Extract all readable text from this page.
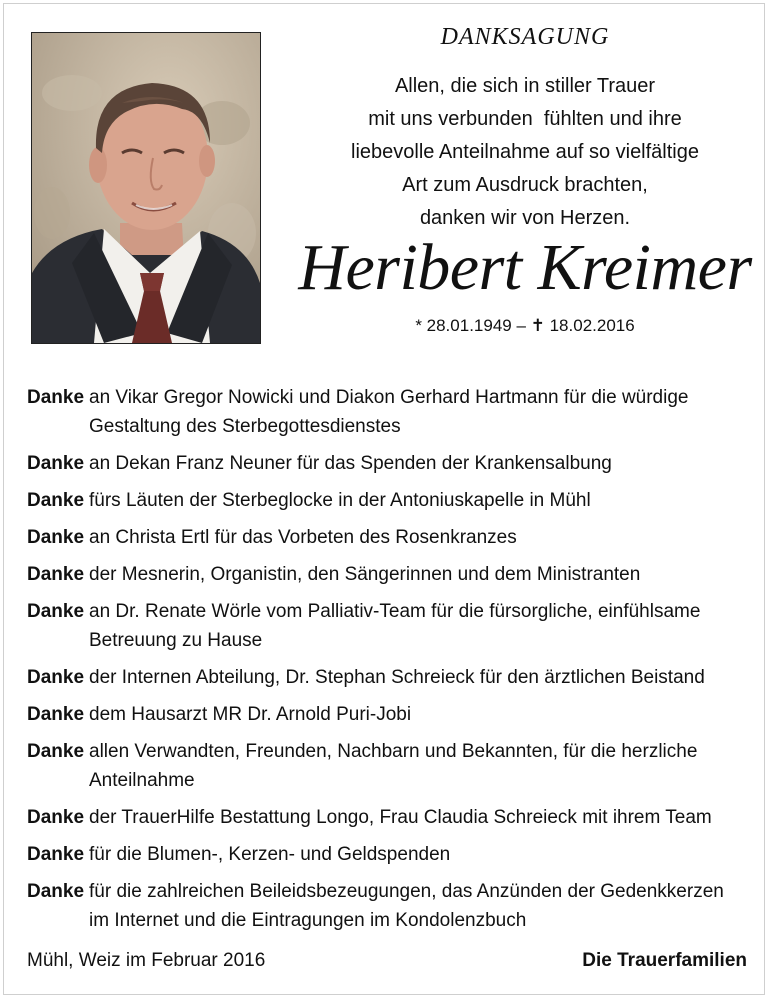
DANKSAGUNG
Allen, die sich in stiller Trauer
mit uns verbunden  fühlten und ihre
liebevolle Anteilnahme auf so vielfältige
Art zum Ausdruck brachten,
danken wir von Herzen.
Heribert Kreimer
* 28.01.1949 – ✝ 18.02.2016
Danke an Vikar Gregor Nowicki und Diakon Gerhard Hartmann für die würdige Gestaltung des Sterbegottesdienstes
Danke an Dekan Franz Neuner für das Spenden der Krankensalbung
Danke fürs Läuten der Sterbeglocke in der Antoniuskapelle in Mühl
Danke an Christa Ertl für das Vorbeten des Rosenkranzes
Danke der Mesnerin, Organistin, den Sängerinnen und dem Ministranten
Danke an Dr. Renate Wörle vom Palliativ-Team für die fürsorgliche, einfühlsame Betreuung zu Hause
Danke der Internen Abteilung, Dr. Stephan Schreieck für den ärztlichen Beistand
Danke dem Hausarzt MR Dr. Arnold Puri-Jobi
Danke allen Verwandten, Freunden, Nachbarn und Bekannten, für die herzliche Anteilnahme
Danke der TrauerHilfe Bestattung Longo, Frau Claudia Schreieck mit ihrem Team
Danke für die Blumen-, Kerzen- und Geldspenden
Danke für die zahlreichen Beileidsbezeugungen, das Anzünden der Gedenkkerzen im Internet und die Eintragungen im Kondolenzbuch
Mühl, Weiz im Februar 2016	Die Trauerfamilien
